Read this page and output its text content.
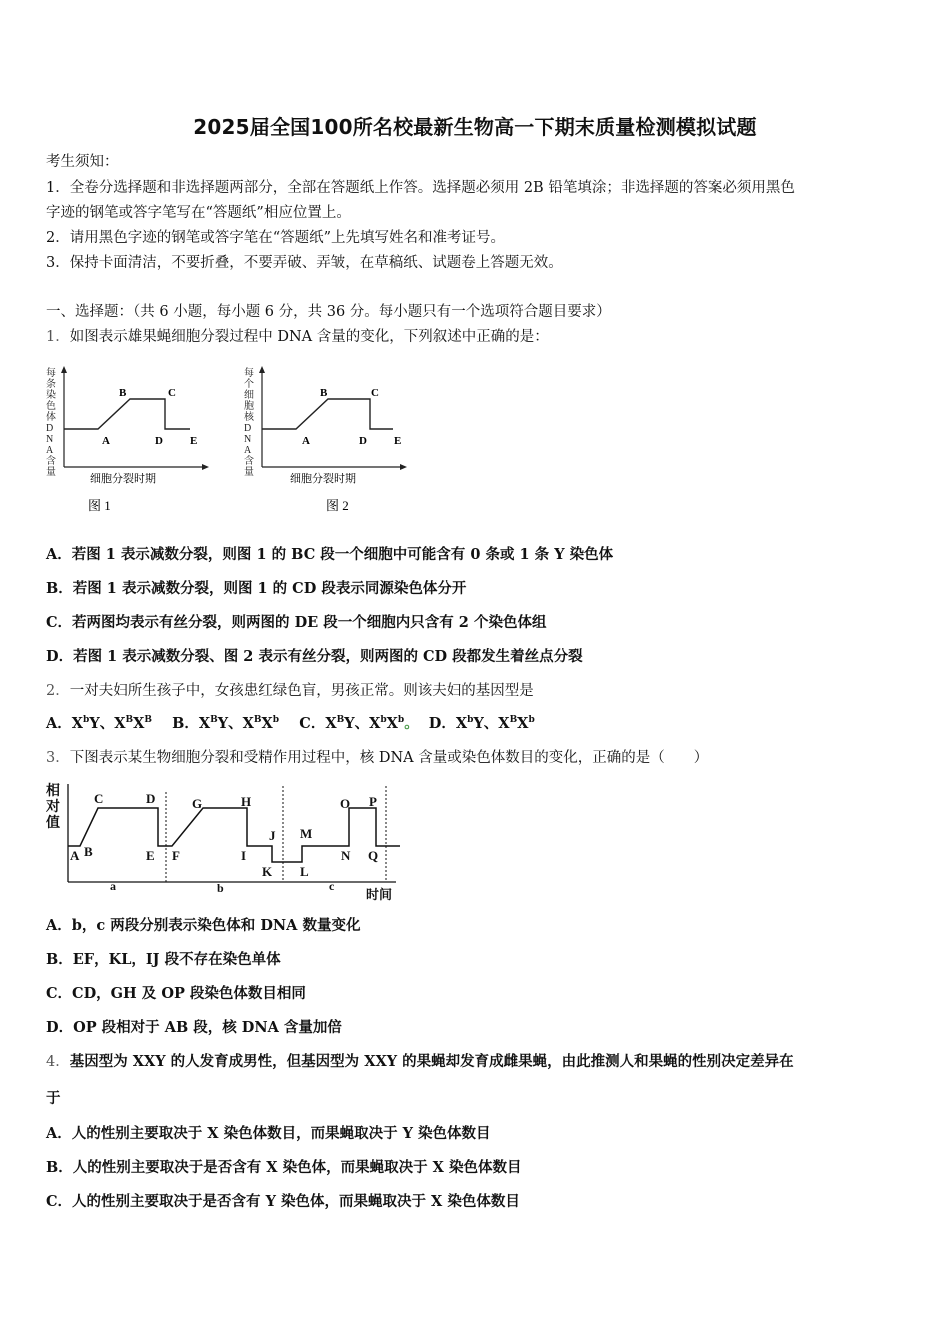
2025届全国100所名校最新生物高一下期末质量检测模拟试题
考生须知：
1．全卷分选择题和非选择题两部分，全部在答题纸上作答。选择题必须用 2B 铅笔填涂；非选择题的答案必须用黑色
字迹的钢笔或答字笔写在“答题纸”相应位置上。
2．请用黑色字迹的钢笔或答字笔在“答题纸”上先填写姓名和准考证号。
3．保持卡面清洁，不要折叠，不要弄破、弄皱，在草稿纸、试题卷上答题无效。
一、选择题：（共 6 小题，每小题 6 分，共 36 分。每小题只有一个选项符合题目要求）
1．如图表示雄果蝇细胞分裂过程中 DNA 含量的变化，下列叙述中正确的是：
每条染色体 D N A 含量
A
B	C
D E
细胞分裂时期
图 1
每个细胞核 D N A 含量
A
B	C
D E
细胞分裂时期
图 2
A．若图 1 表示减数分裂，则图 1 的 BC 段一个细胞中可能含有 0 条或 1 条 Y 染色体
B．若图 1 表示减数分裂，则图 1 的 CD 段表示同源染色体分开
C．若两图均表示有丝分裂，则两图的 DE 段一个细胞内只含有 2 个染色体组
D．若图 1 表示减数分裂、图 2 表示有丝分裂，则两图的 CD 段都发生着丝点分裂
2．一对夫妇所生孩子中，女孩患红绿色盲，男孩正常。则该夫妇的基因型是
A．$X^bY$、$X^BX^B$ B．$X^BY$、$X^BX^b$ C．$X^BY$、$X^bX^b$。 D．$X^bY$、$X^BX^b$
3．下图表示某生物细胞分裂和受精作用过程中，核 DNA 含量或染色体数目的变化，正确的是（　　）
相
对
值
A B
C	D
E F
G	H
I
J
K L
M
O P
N Q
a	b	c
时间
A．b，c 两段分别表示染色体和 DNA 数量变化
B．EF，KL，IJ 段不存在染色单体
C．CD，GH 及 OP 段染色体数目相同
D．OP 段相对于 AB 段，核 DNA 含量加倍
4．基因型为 XXY 的人发育成男性，但基因型为 XXY 的果蝇却发育成雌果蝇，由此推测人和果蝇的性别决定差异在
于
A．人的性别主要取决于 X 染色体数目，而果蝇取决于 Y 染色体数目
B．人的性别主要取决于是否含有 X 染色体，而果蝇取决于 X 染色体数目
C．人的性别主要取决于是否含有 Y 染色体，而果蝇取决于 X 染色体数目
